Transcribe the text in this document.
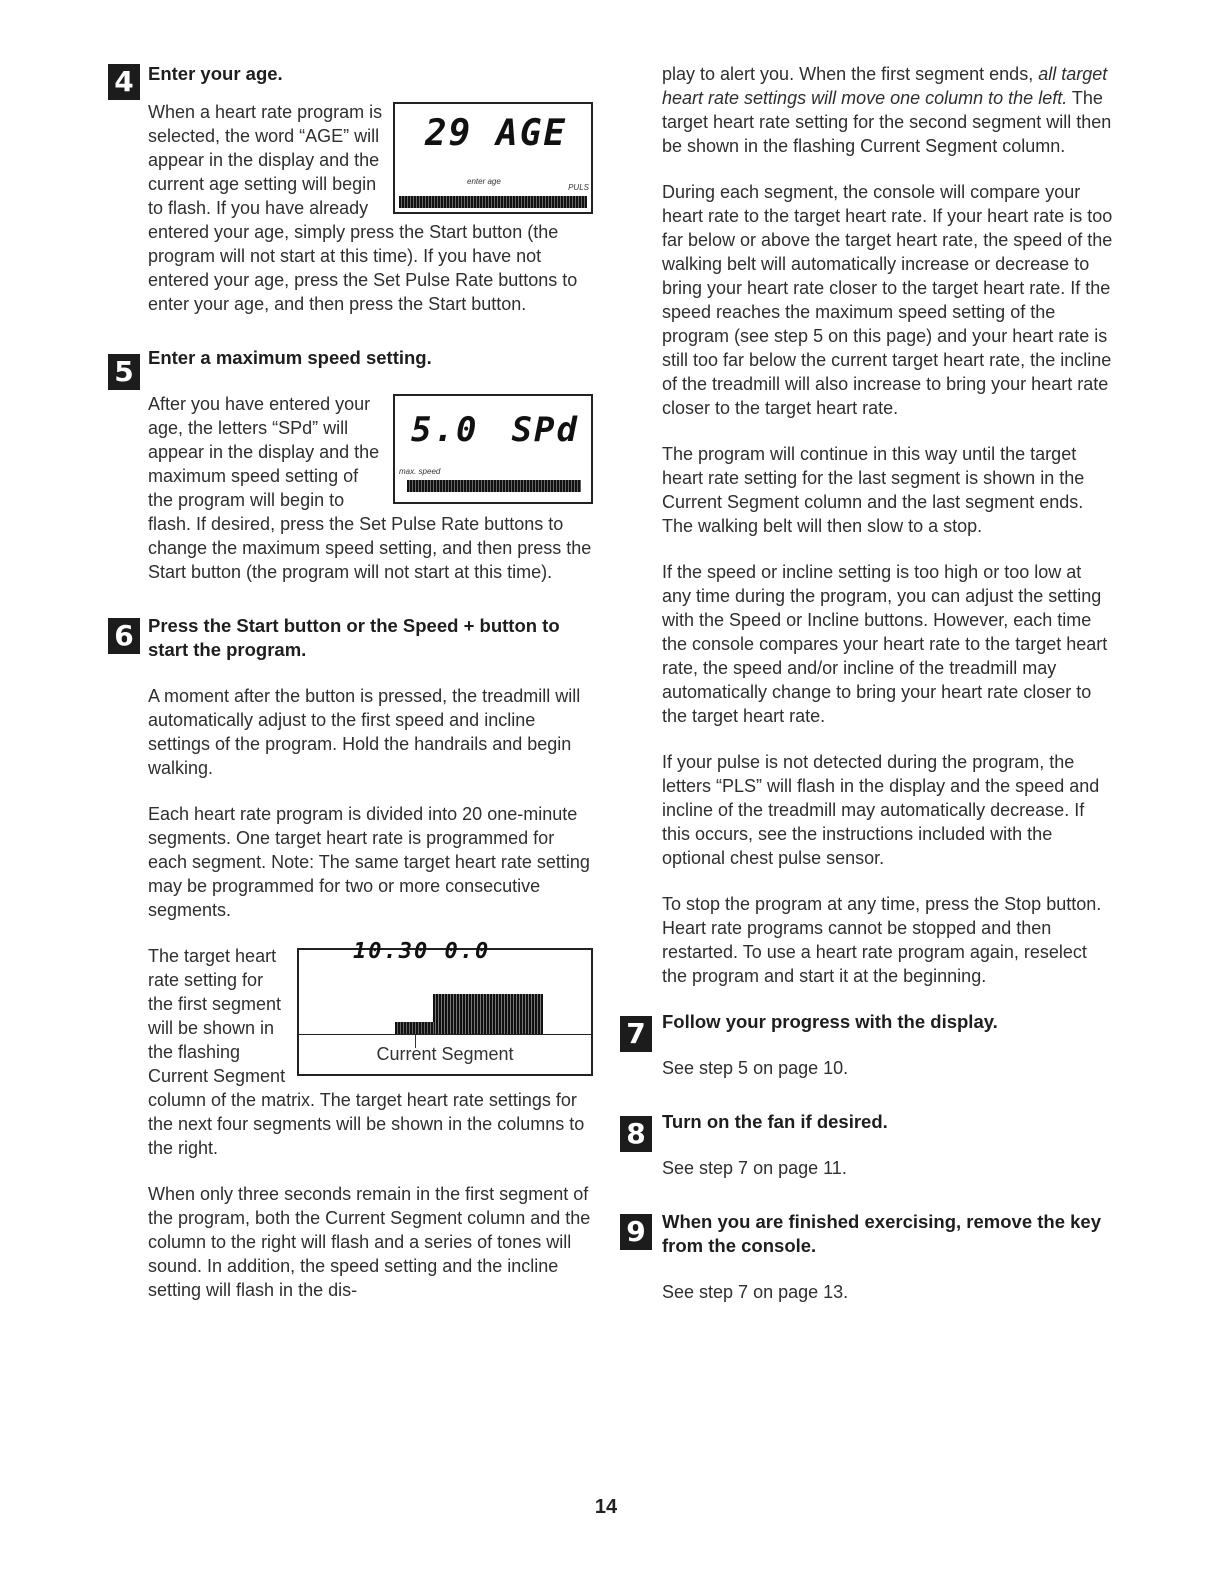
4 Enter your age.
29 AGE
enter age
PULS
When a heart rate program is selected, the word “AGE” will appear in the display and the current age setting will begin to flash. If you have already entered your age, simply press the Start button (the program will not start at this time). If you have not entered your age, press the Set Pulse Rate buttons to enter your age, and then press the Start button.
5 Enter a maximum speed setting.
5.0 SPd
max. speed
After you have entered your age, the letters “SPd” will appear in the display and the maximum speed setting of the program will begin to flash. If desired, press the Set Pulse Rate buttons to change the maximum speed setting, and then press the Start button (the program will not start at this time).
6 Press the Start button or the Speed + button to start the program.
A moment after the button is pressed, the treadmill will automatically adjust to the first speed and incline settings of the program. Hold the handrails and begin walking.
Each heart rate program is divided into 20 one-minute segments. One target heart rate is programmed for each segment. Note: The same target heart rate setting may be programmed for two or more consecutive segments.
10.30 0.0
Current Segment
The target heart rate setting for the first segment will be shown in the flashing Current Segment column of the matrix. The target heart rate settings for the next four segments will be shown in the columns to the right.
When only three seconds remain in the first segment of the program, both the Current Segment column and the column to the right will flash and a series of tones will sound. In addition, the speed setting and the incline setting will flash in the dis-
play to alert you. When the first segment ends, all target heart rate settings will move one column to the left. The target heart rate setting for the second segment will then be shown in the flashing Current Segment column.
During each segment, the console will compare your heart rate to the target heart rate. If your heart rate is too far below or above the target heart rate, the speed of the walking belt will automatically increase or decrease to bring your heart rate closer to the target heart rate. If the speed reaches the maximum speed setting of the program (see step 5 on this page) and your heart rate is still too far below the current target heart rate, the incline of the treadmill will also increase to bring your heart rate closer to the target heart rate.
The program will continue in this way until the target heart rate setting for the last segment is shown in the Current Segment column and the last segment ends. The walking belt will then slow to a stop.
If the speed or incline setting is too high or too low at any time during the program, you can adjust the setting with the Speed or Incline buttons. However, each time the console compares your heart rate to the target heart rate, the speed and/or incline of the treadmill may automatically change to bring your heart rate closer to the target heart rate.
If your pulse is not detected during the program, the letters “PLS” will flash in the display and the speed and incline of the treadmill may automatically decrease. If this occurs, see the instructions included with the optional chest pulse sensor.
To stop the program at any time, press the Stop button. Heart rate programs cannot be stopped and then restarted. To use a heart rate program again, reselect the program and start it at the beginning.
7 Follow your progress with the display.
See step 5 on page 10.
8 Turn on the fan if desired.
See step 7 on page 11.
9 When you are finished exercising, remove the key from the console.
See step 7 on page 13.
14
